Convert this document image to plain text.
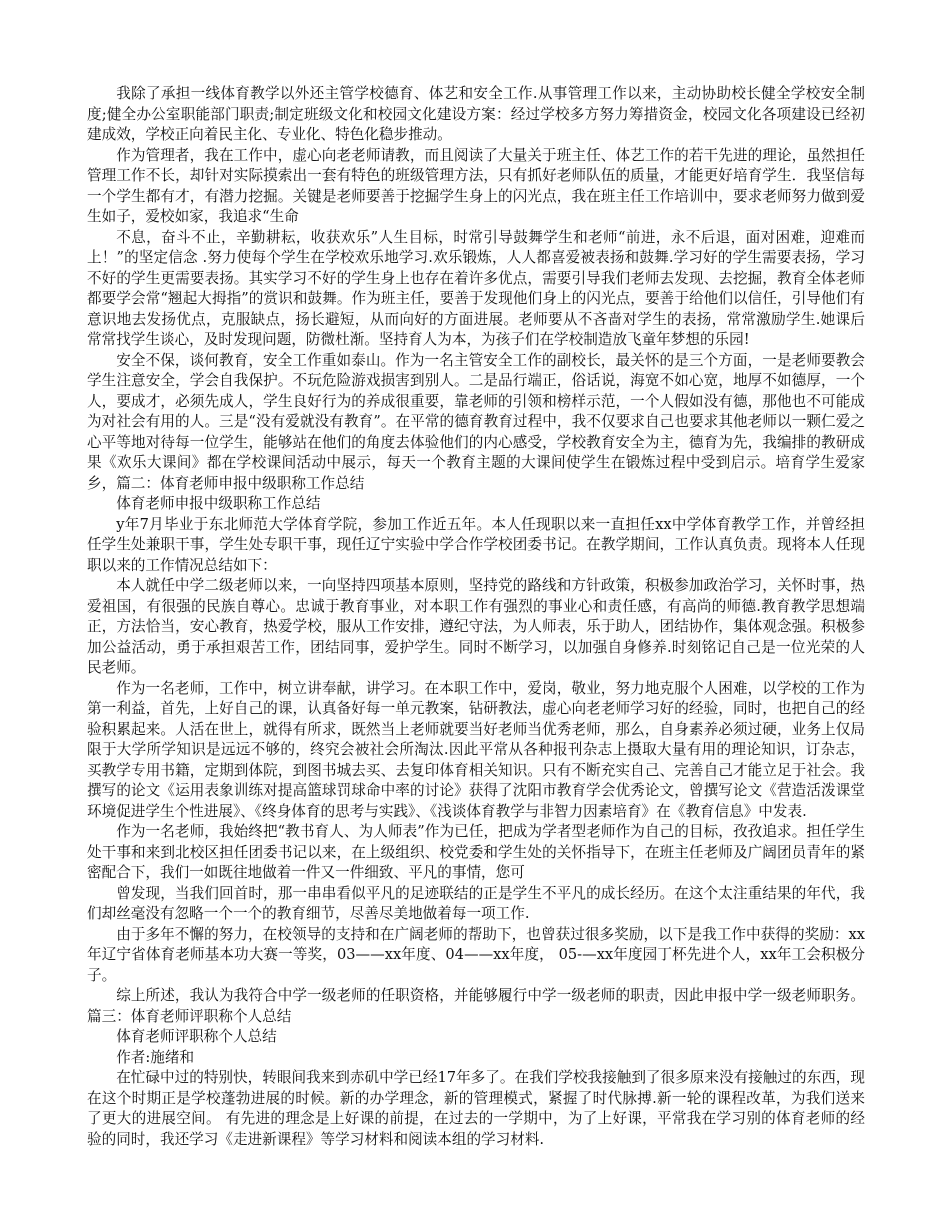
我除了承担一线体育教学以外还主管学校德育、体艺和安全工作.从事管理工作以来，主动协助校长健全学校安全制度;健全办公室职能部门职责;制定班级文化和校园文化建设方案：经过学校多方努力筹措资金，校园文化各项建设已经初建成效，学校正向着民主化、专业化、特色化稳步推动。

作为管理者，我在工作中，虚心向老老师请教，而且阅读了大量关于班主任、体艺工作的若干先进的理论，虽然担任管理工作不长，却针对实际摸索出一套有特色的班级管理方法，只有抓好老师队伍的质量，才能更好培育学生．我坚信每一个学生都有才，有潜力挖掘。关键是老师要善于挖掘学生身上的闪光点，我在班主任工作培训中，要求老师努力做到爱生如子，爱校如家，我追求“生命

不息，奋斗不止，辛勤耕耘，收获欢乐”人生目标，时常引导鼓舞学生和老师“前进，永不后退，面对困难，迎难而上！”的坚定信念 .努力使每个学生在学校欢乐地学习.欢乐锻炼，人人都喜爱被表扬和鼓舞.学习好的学生需要表扬，学习不好的学生更需要表扬。其实学习不好的学生身上也存在着许多优点，需要引导我们老师去发现、去挖掘，教育全体老师都要学会常“翘起大拇指”的赏识和鼓舞。作为班主任，要善于发现他们身上的闪光点，要善于给他们以信任，引导他们有意识地去发扬优点，克服缺点，扬长避短，从而向好的方面进展。老师要从不吝啬对学生的表扬，常常激励学生.她课后常常找学生谈心，及时发现问题，防微杜渐。坚持育人为本，为孩子们在学校制造放飞童年梦想的乐园!

安全不保，谈何教育，安全工作重如泰山。作为一名主管安全工作的副校长，最关怀的是三个方面，一是老师要教会学生注意安全，学会自我保护。不玩危险游戏损害到别人。二是品行端正，俗话说，海宽不如心宽，地厚不如德厚，一个人，要成才，必须先成人，学生良好行为的养成很重要，靠老师的引领和榜样示范，一个人假如没有德，那他也不可能成为对社会有用的人。三是“没有爱就没有教育”。在平常的德育教育过程中，我不仅要求自己也要求其他老师以一颗仁爱之心平等地对待每一位学生，能够站在他们的角度去体验他们的内心感受，学校教育安全为主，德育为先，我编排的教研成果《欢乐大课间》都在学校课间活动中展示，每天一个教育主题的大课间使学生在锻炼过程中受到启示。培育学生爱家乡，篇二：体育老师申报中级职称工作总结

体育老师申报中级职称工作总结

y年7月毕业于东北师范大学体育学院，参加工作近五年。本人任现职以来一直担任xx中学体育教学工作，并曾经担任学生处兼职干事，学生处专职干事，现任辽宁实验中学合作学校团委书记。在教学期间，工作认真负责。现将本人任现职以来的工作情况总结如下：

本人就任中学二级老师以来，一向坚持四项基本原则，坚持党的路线和方针政策，积极参加政治学习，关怀时事，热爱祖国，有很强的民族自尊心。忠诚于教育事业，对本职工作有强烈的事业心和责任感，有高尚的师德.教育教学思想端正，方法恰当，安心教育，热爱学校，服从工作安排，遵纪守法，为人师表，乐于助人，团结协作，集体观念强。积极参加公益活动，勇于承担艰苦工作，团结同事，爱护学生。同时不断学习，以加强自身修养.时刻铭记自己是一位光荣的人民老师。

作为一名老师，工作中，树立讲奉献，讲学习。在本职工作中，爱岗，敬业，努力地克服个人困难，以学校的工作为第一利益，首先，上好自己的课，认真备好每一单元教案，钻研教法，虚心向老老师学习好的经验，同时，也把自己的经验积累起来。人活在世上，就得有所求，既然当上老师就要当好老师当优秀老师，那么，自身素养必须过硬，业务上仅局限于大学所学知识是远远不够的，终究会被社会所淘汰.因此平常从各种报刊杂志上摄取大量有用的理论知识，订杂志，买教学专用书籍，定期到体院，到图书城去买、去复印体育相关知识。只有不断充实自己、完善自己才能立足于社会。我撰写的论文《运用表象训练对提高篮球罚球命中率的讨论》获得了沈阳市教育学会优秀论文，曾撰写论文《营造活泼课堂环境促进学生个性进展》、《终身体育的思考与实践》、《浅谈体育教学与非智力因素培育》在《教育信息》中发表.

作为一名老师，我始终把“教书育人、为人师表”作为已任，把成为学者型老师作为自己的目标，孜孜追求。担任学生处干事和来到北校区担任团委书记以来，在上级组织、校党委和学生处的关怀指导下，在班主任老师及广阔团员青年的紧密配合下，我们一如既往地做着一件又一件细致、平凡的事情，您可

曾发现，当我们回首时，那一串串看似平凡的足迹联结的正是学生不平凡的成长经历。在这个太注重结果的年代，我们却丝毫没有忽略一个一个的教育细节，尽善尽美地做着每一项工作.

由于多年不懈的努力，在校领导的支持和在广阔老师的帮助下，也曾获过很多奖励，以下是我工作中获得的奖励：xx年辽宁省体育老师基本功大赛一等奖，03——xx年度、04——xx年度， 05-—xx年度园丁杯先进个人，xx年工会积极分子。

综上所述，我认为我符合中学一级老师的任职资格，并能够履行中学一级老师的职责，因此申报中学一级老师职务。篇三：体育老师评职称个人总结

体育老师评职称个人总结

作者:施绪和

在忙碌中过的特别快，转眼间我来到赤矶中学已经17年多了。在我们学校我接触到了很多原来没有接触过的东西，现在这个时期正是学校蓬勃进展的时候。新的办学理念，新的管理模式，紧握了时代脉搏.新一轮的课程改革，为我们送来了更大的进展空间。 有先进的理念是上好课的前提，在过去的一学期中，为了上好课，平常我在学习别的体育老师的经验的同时，我还学习《走进新课程》等学习材料和阅读本组的学习材料.
